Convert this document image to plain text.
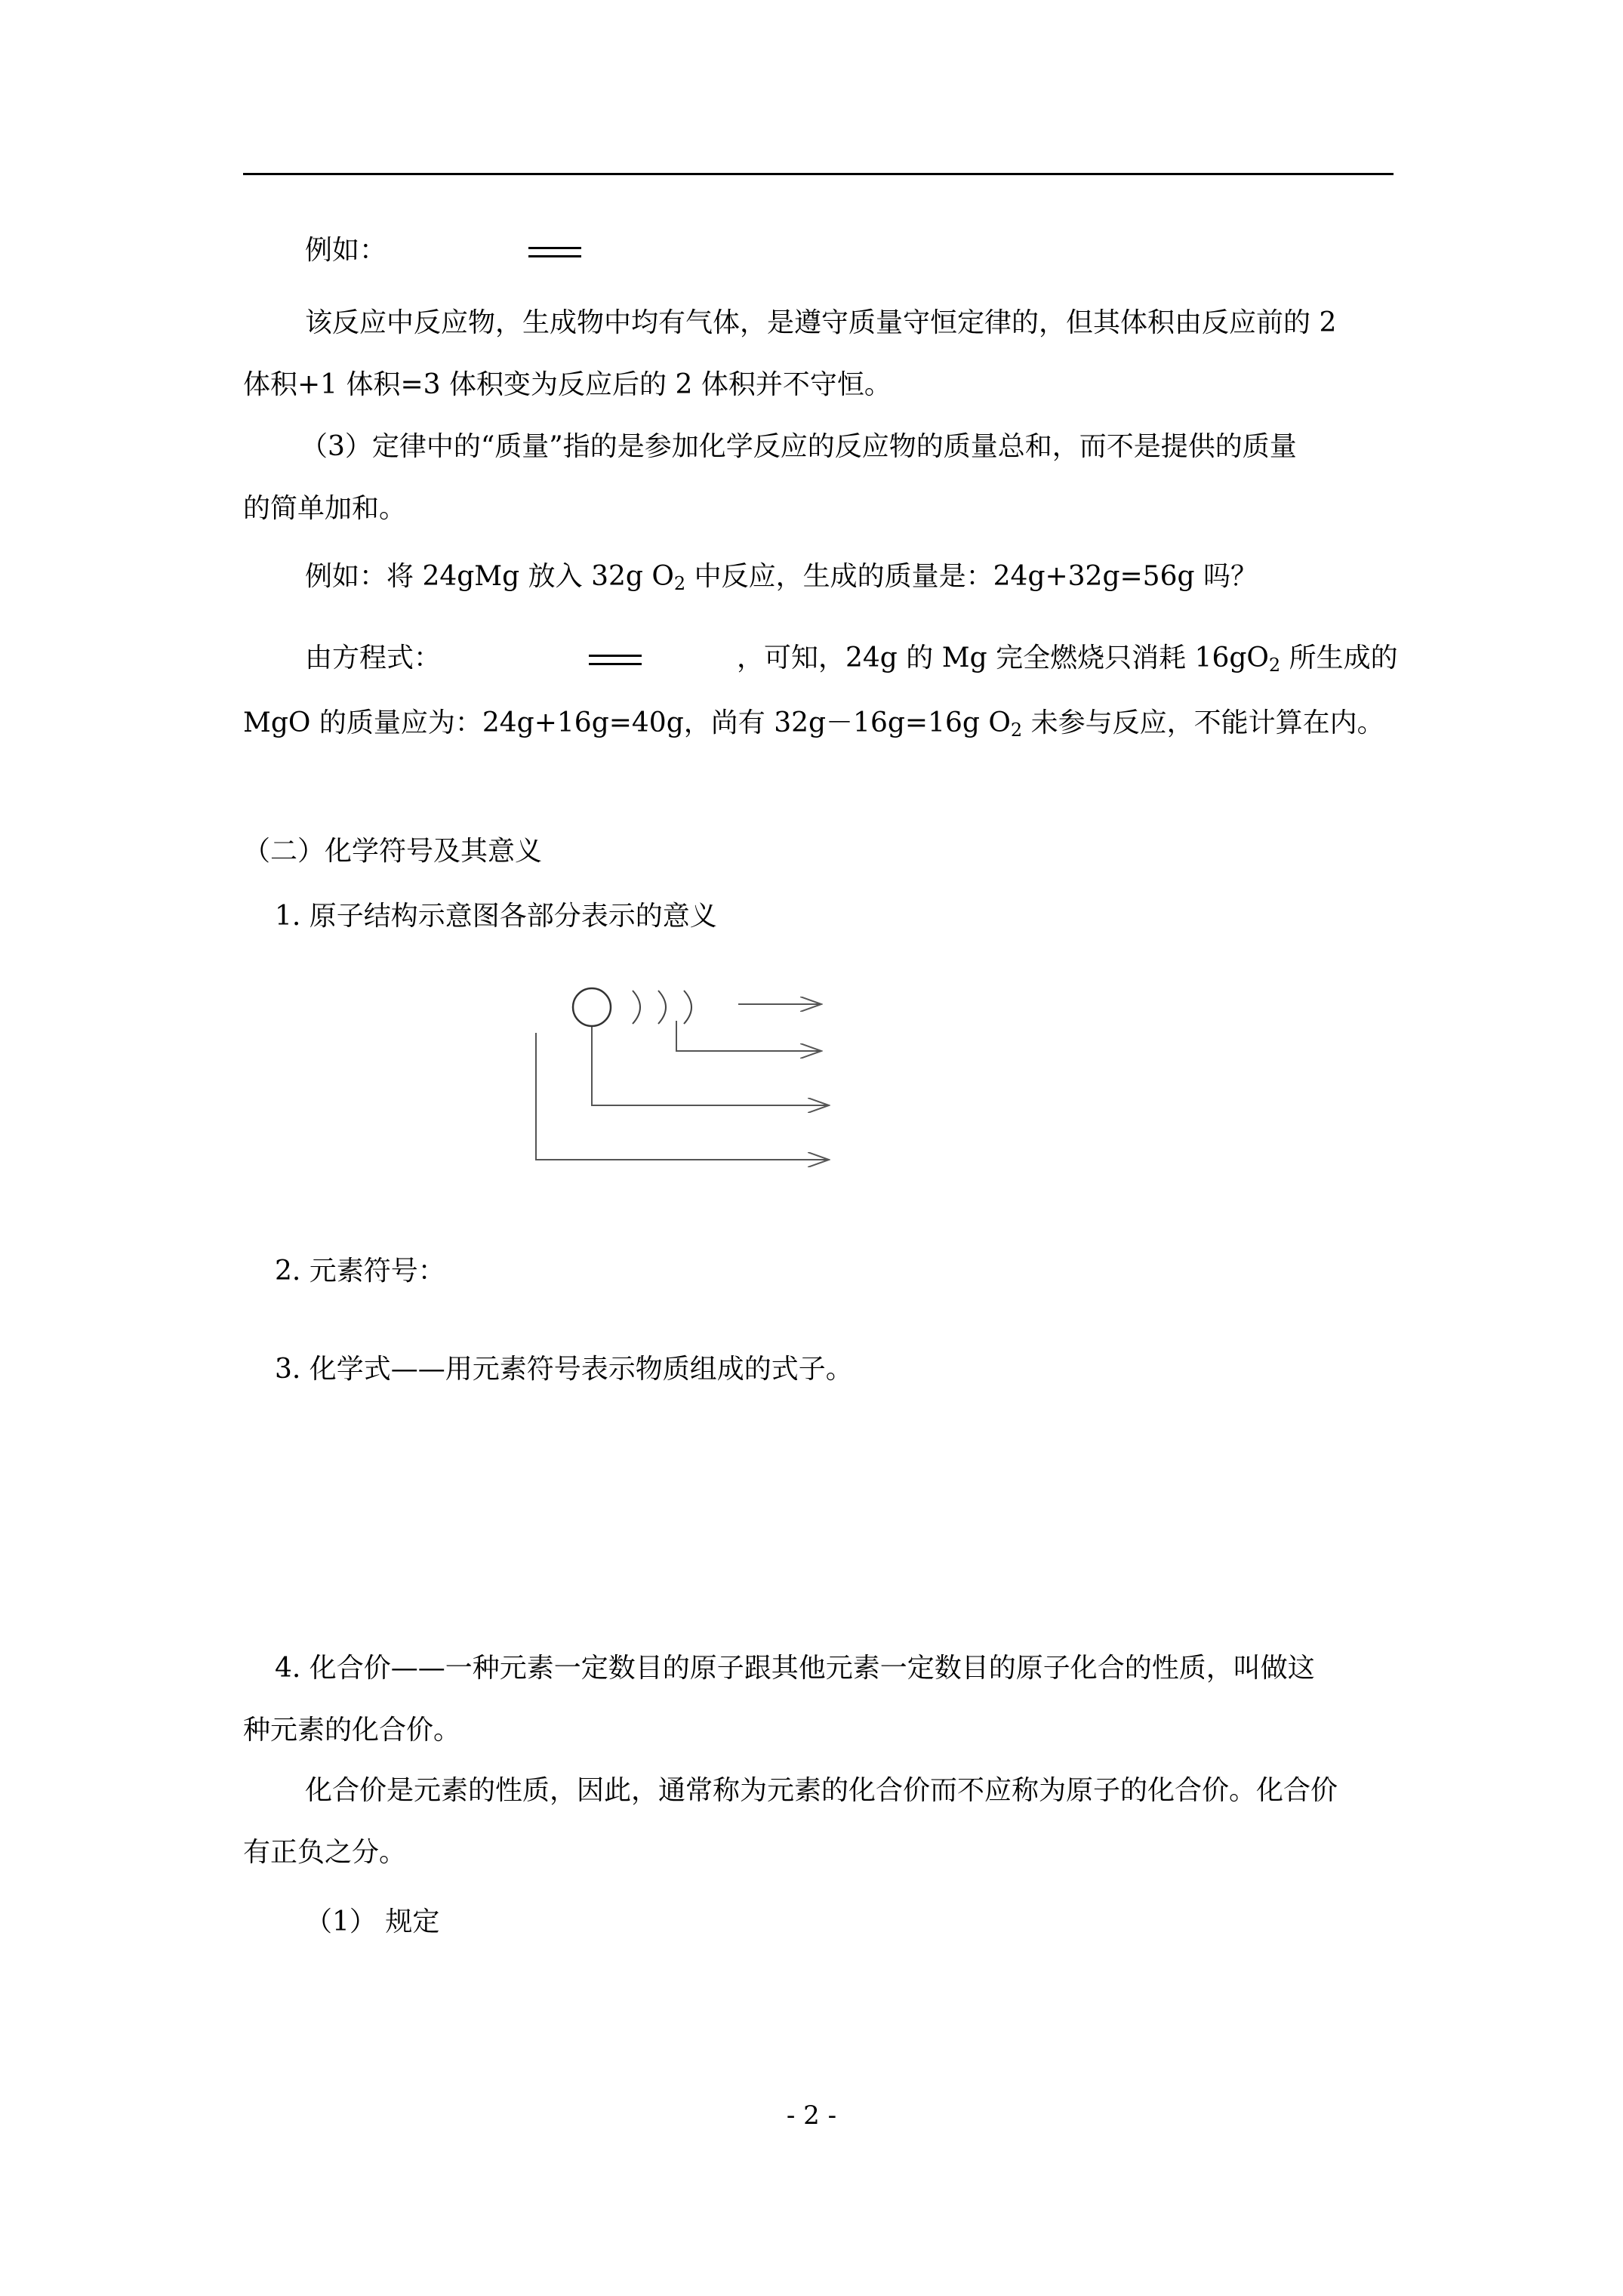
例如：
该反应中反应物，生成物中均有气体，是遵守质量守恒定律的，但其体积由反应前的 2
体积+1 体积=3 体积变为反应后的 2 体积并不守恒。
（3）定律中的“质量”指的是参加化学反应的反应物的质量总和，而不是提供的质量
的简单加和。
例如：将 24gMg 放入 32g $O_2$ 中反应，生成的质量是：24g+32g=56g 吗？
由方程式：	，可知，24g 的 Mg 完全燃烧只消耗 $16gO_2$ 所生成的
MgO 的质量应为：24g+16g=40g，尚有 32g－16g=16g $O_2$ 未参与反应，不能计算在内。
（二）化学符号及其意义
1. 原子结构示意图各部分表示的意义
2. 元素符号：
3. 化学式——用元素符号表示物质组成的式子。
4. 化合价——一种元素一定数目的原子跟其他元素一定数目的原子化合的性质，叫做这
种元素的化合价。
化合价是元素的性质，因此，通常称为元素的化合价而不应称为原子的化合价。化合价
有正负之分。
（1） 规定
- 2 -
